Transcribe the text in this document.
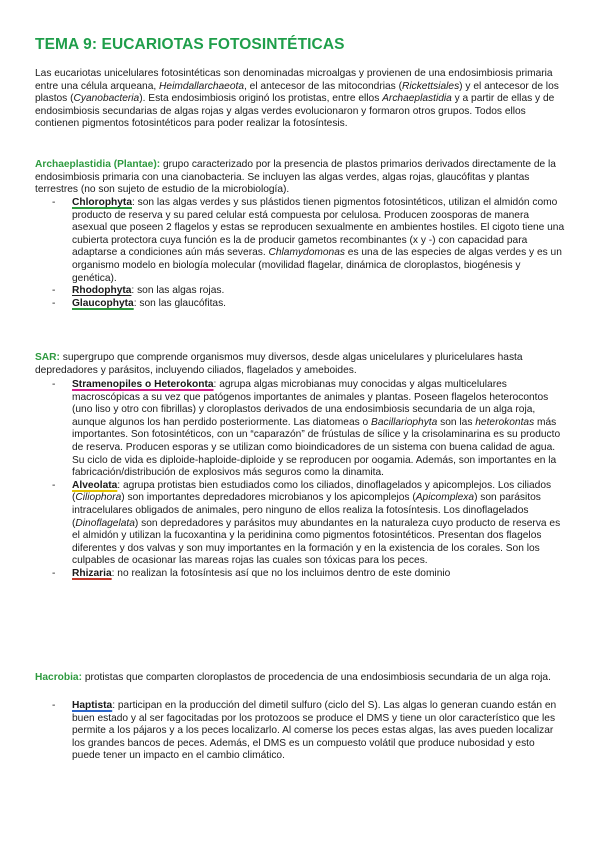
TEMA 9: EUCARIOTAS FOTOSINTÉTICAS

Las eucariotas unicelulares fotosintéticas son denominadas microalgas y provienen de una endosimbiosis primaria entre una célula arqueana, Heimdallarchaeota, el antecesor de las mitocondrias (Rickettsiales) y el antecesor de los plastos (Cyanobacteria). Esta endosimbiosis originó los protistas, entre ellos Archaeplastidia y a partir de ellas y de endosimbiosis secundarias de algas rojas y algas verdes evolucionaron y formaron otros grupos. Todos ellos contienen pigmentos fotosintéticos para poder realizar la fotosíntesis.

Archaeplastidia (Plantae): grupo caracterizado por la presencia de plastos primarios derivados directamente de la endosimbiosis primaria con una cianobacteria. Se incluyen las algas verdes, algas rojas, glaucófitas y plantas terrestres (no son sujeto de estudio de la microbiología).

-	Chlorophyta: son las algas verdes y sus plástidos tienen pigmentos fotosintéticos, utilizan el almidón como producto de reserva y su pared celular está compuesta por celulosa. Producen zoosporas de manera asexual que poseen 2 flagelos y estas se reproducen sexualmente en ambientes hostiles. El cigoto tiene una cubierta protectora cuya función es la de producir gametos recombinantes (x y -) con capacidad para adaptarse a condiciones aún más severas. Chlamydomonas es una de las especies de algas verdes y es un organismo modelo en biología molecular (movilidad flagelar, dinámica de cloroplastos, biogénesis y genética).
-	Rhodophyta: son las algas rojas.
-	Glaucophyta: son las glaucófitas.

SAR: supergrupo que comprende organismos muy diversos, desde algas unicelulares y pluricelulares hasta depredadores y parásitos, incluyendo ciliados, flagelados y ameboides.

-	Stramenopiles o Heterokonta: agrupa algas microbianas muy conocidas y algas multicelulares macroscópicas a su vez que patógenos importantes de animales y plantas. Poseen flagelos heterocontos (uno liso y otro con fibrillas) y cloroplastos derivados de una endosimbiosis secundaria de un alga roja, aunque algunos los han perdido posteriormente. Las diatomeas o Bacillariophyta son las heterokontas más importantes. Son fotosintéticos, con un “caparazón” de frústulas de sílice y la crisolaminarina es su producto de reserva. Producen esporas y se utilizan como bioindicadores de un sistema con buena calidad de agua. Su ciclo de vida es diploide-haploide-diploide y se reproducen por oogamia. Además, son importantes en la fabricación/distribución de explosivos más seguros como la dinamita.
-	Alveolata: agrupa protistas bien estudiados como los ciliados, dinoflagelados y apicomplejos. Los ciliados (Ciliophora) son importantes depredadores microbianos y los apicomplejos (Apicomplexa) son parásitos intracelulares obligados de animales, pero ninguno de ellos realiza la fotosíntesis. Los dinoflagelados (Dinoflagelata) son depredadores y parásitos muy abundantes en la naturaleza cuyo producto de reserva es el almidón y utilizan la fucoxantina y la peridinina como pigmentos fotosintéticos. Presentan dos flagelos diferentes y dos valvas y son muy importantes en la formación y en la existencia de los corales. Son los culpables de ocasionar las mareas rojas las cuales son tóxicas para los peces.
-	Rhizaria: no realizan la fotosíntesis así que no los incluimos dentro de este dominio

Hacrobia: protistas que comparten cloroplastos de procedencia de una endosimbiosis secundaria de un alga roja.

-	Haptista: participan en la producción del dimetil sulfuro (ciclo del S). Las algas lo generan cuando están en buen estado y al ser fagocitadas por los protozoos se produce el DMS y tiene un olor característico que les permite a los pájaros y a los peces localizarlo. Al comerse los peces estas algas, las aves pueden localizar los grandes bancos de peces. Además, el DMS es un compuesto volátil que produce nubosidad y esto puede tener un impacto en el cambio climático.
